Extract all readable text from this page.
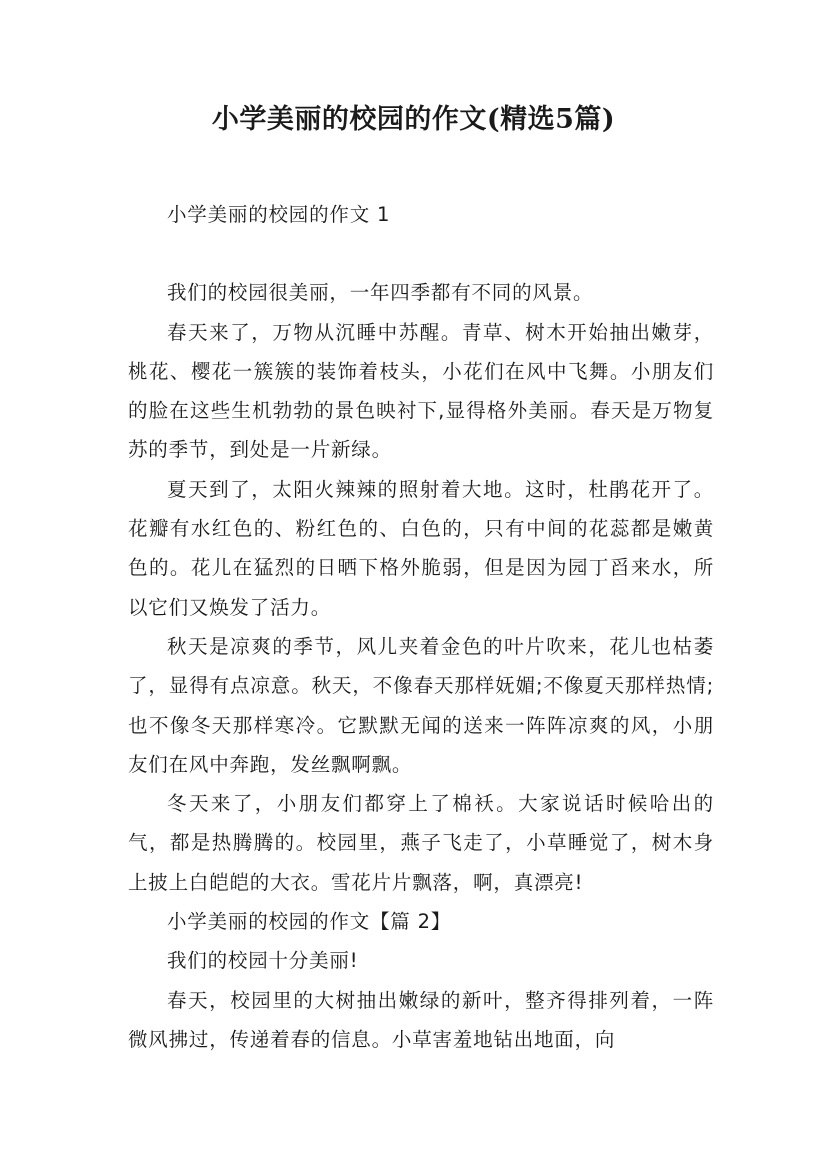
小学美丽的校园的作文(精选5篇)

小学美丽的校园的作文 1

我们的校园很美丽，一年四季都有不同的风景。

春天来了，万物从沉睡中苏醒。青草、树木开始抽出嫩芽，桃花、樱花一簇簇的装饰着枝头，小花们在风中飞舞。小朋友们的脸在这些生机勃勃的景色映衬下,显得格外美丽。春天是万物复苏的季节，到处是一片新绿。

夏天到了，太阳火辣辣的照射着大地。这时，杜鹃花开了。花瓣有水红色的、粉红色的、白色的，只有中间的花蕊都是嫩黄色的。花儿在猛烈的日晒下格外脆弱，但是因为园丁舀来水，所以它们又焕发了活力。

秋天是凉爽的季节，风儿夹着金色的叶片吹来，花儿也枯萎了，显得有点凉意。秋天，不像春天那样妩媚;不像夏天那样热情;也不像冬天那样寒冷。它默默无闻的送来一阵阵凉爽的风，小朋友们在风中奔跑，发丝飘啊飘。

冬天来了，小朋友们都穿上了棉袄。大家说话时候哈出的气，都是热腾腾的。校园里，燕子飞走了，小草睡觉了，树木身上披上白皑皑的大衣。雪花片片飘落，啊，真漂亮!

小学美丽的校园的作文【篇 2】

我们的校园十分美丽!

春天，校园里的大树抽出嫩绿的新叶，整齐得排列着，一阵微风拂过，传递着春的信息。小草害羞地钻出地面，向
